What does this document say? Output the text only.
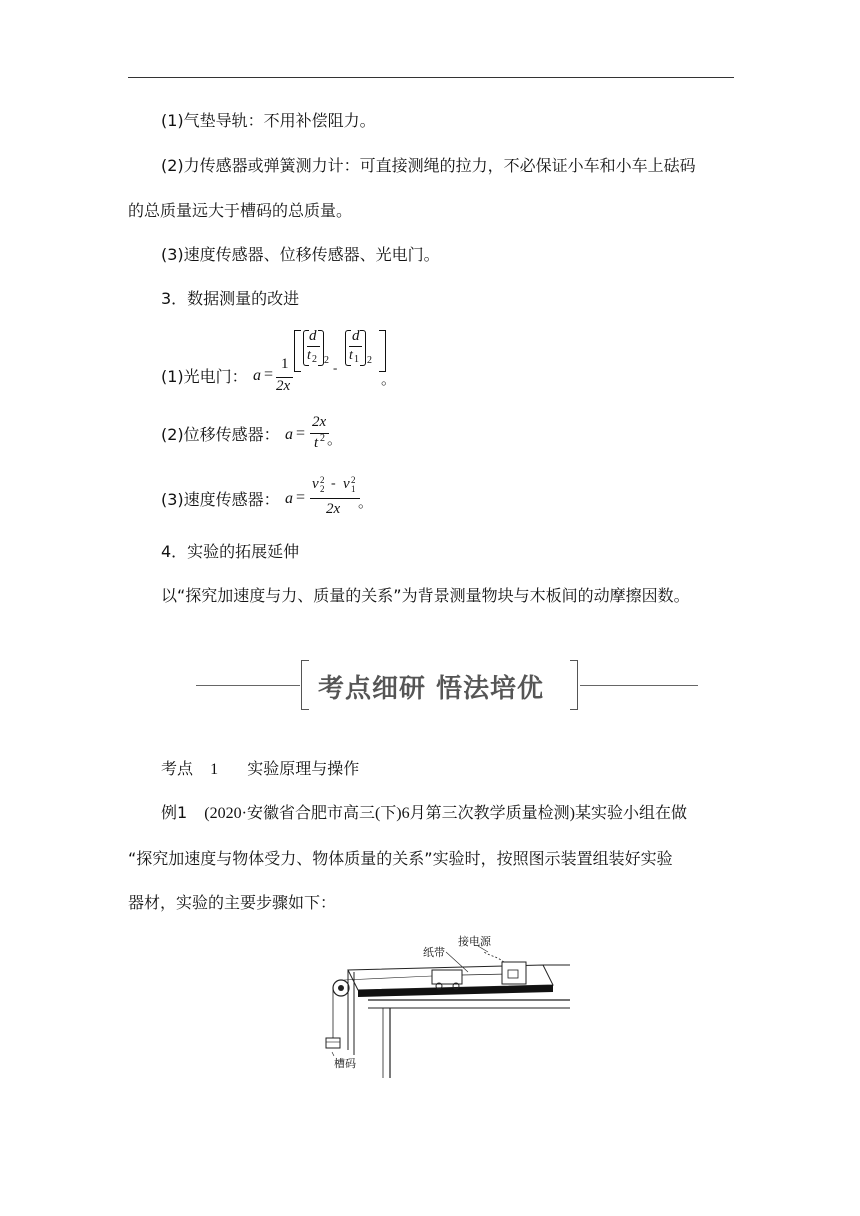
(1)气垫导轨：不用补偿阻力。
(2)力传感器或弹簧测力计：可直接测绳的拉力，不必保证小车和小车上砝码
的总质量远大于槽码的总质量。
(3)速度传感器、位移传感器、光电门。
3．数据测量的改进
(1)光电门： a =
1
2x
d
t 2 2 -
d
t 1 2
。
(2)位移传感器： a =
2x
t 2 。
(3)速度传感器： a =
v 2
2 - v 2
1
2x 。
4．实验的拓展延伸
以“探究加速度与力、质量的关系”为背景测量物块与木板间的动摩擦因数。
考点细研 悟法培优
考点 1 实验原理与操作
例1 (2020·安徽省合肥市高三(下)6月第三次教学质量检测)某实验小组在做
“探究加速度与物体受力、物体质量的关系”实验时，按照图示装置组装好实验
器材，实验的主要步骤如下：
纸带
接电源
槽码
